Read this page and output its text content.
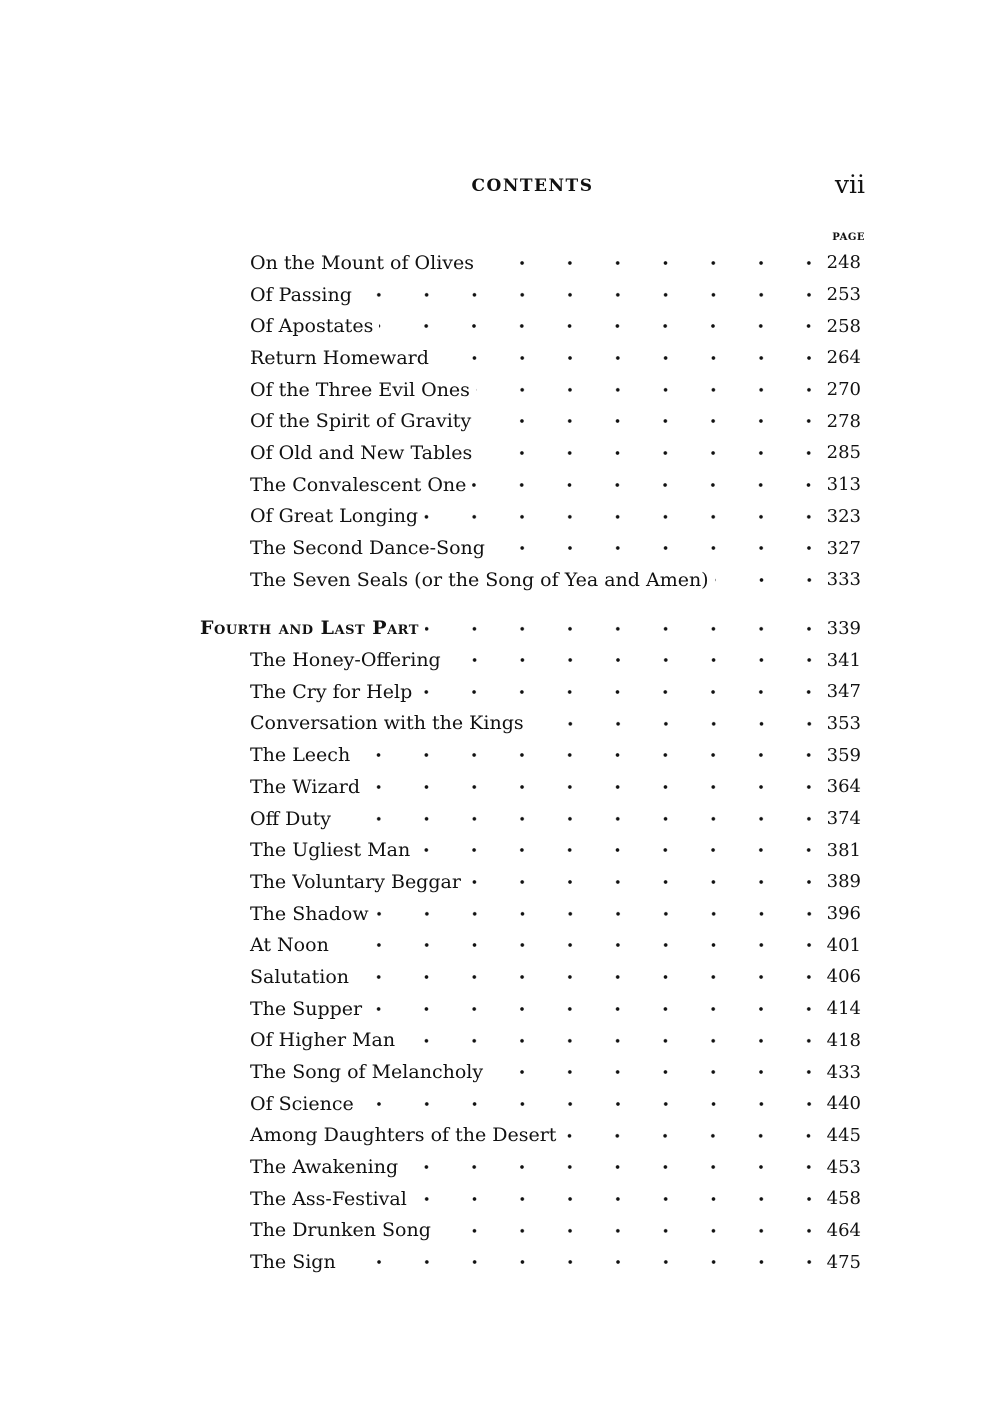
CONTENTS	vii
PAGE
On the Mount of Olives	248
Of Passing	253
Of Apostates	258
Return Homeward	264
Of the Three Evil Ones	270
Of the Spirit of Gravity	278
Of Old and New Tables	285
The Convalescent One	313
Of Great Longing	323
The Second Dance-Song	327
The Seven Seals (or the Song of Yea and Amen)	333
Fourth and Last Part	339
The Honey-Offering	341
The Cry for Help	347
Conversation with the Kings	353
The Leech	359
The Wizard	364
Off Duty	374
The Ugliest Man	381
The Voluntary Beggar	389
The Shadow	396
At Noon	401
Salutation	406
The Supper	414
Of Higher Man	418
The Song of Melancholy	433
Of Science	440
Among Daughters of the Desert	445
The Awakening	453
The Ass-Festival	458
The Drunken Song	464
The Sign	475
